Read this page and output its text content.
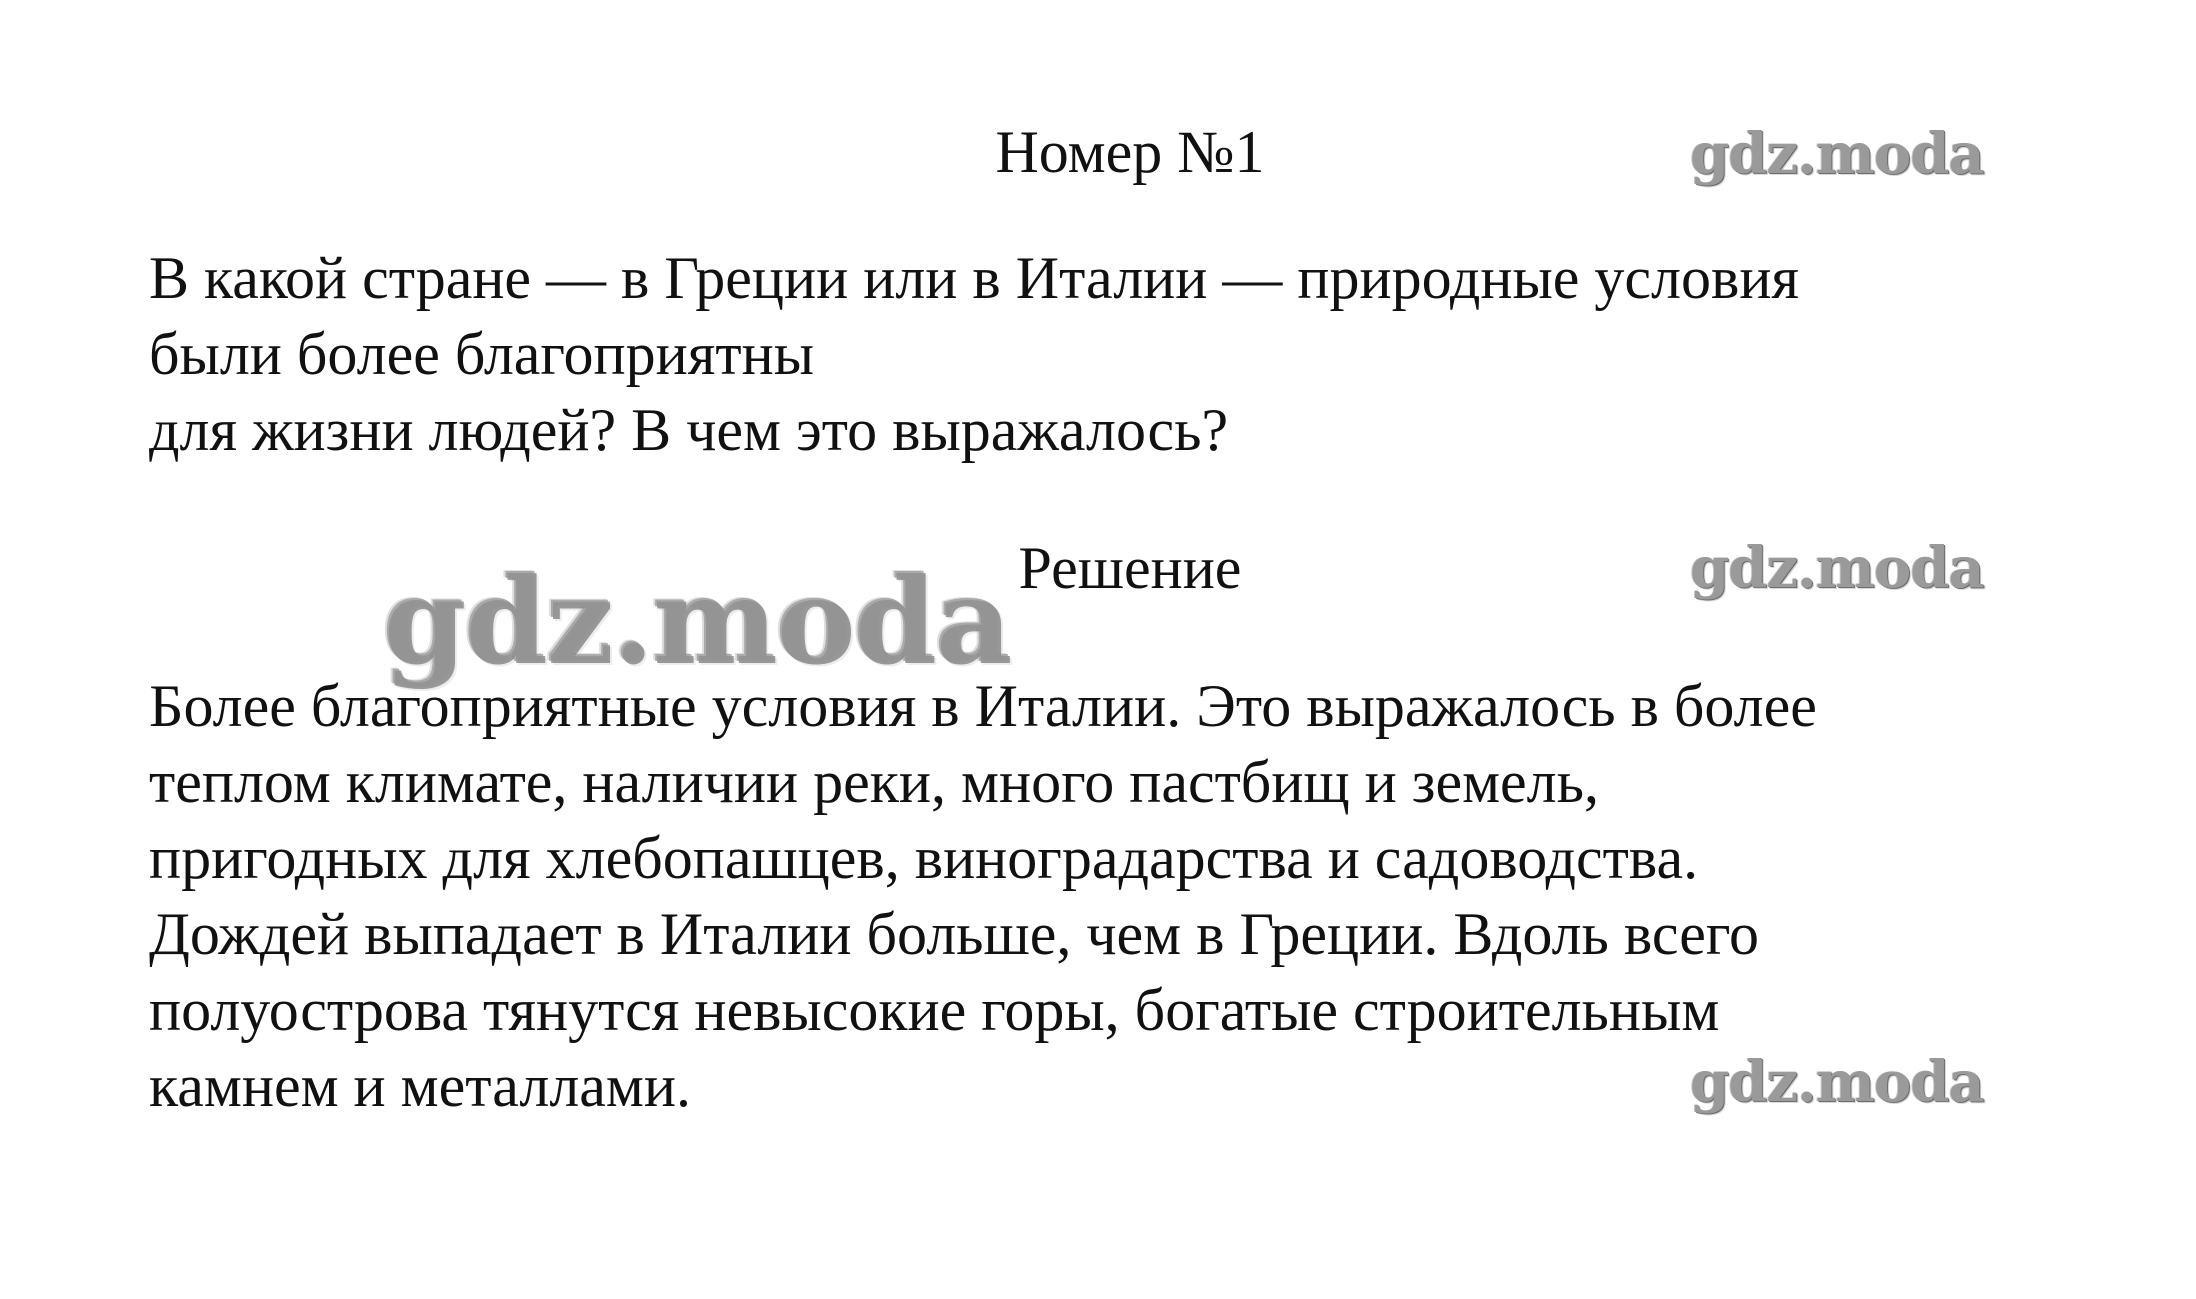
Номер №1
В какой стране — в Греции или в Италии — природные условия
были более благоприятны
для жизни людей? В чем это выражалось?
Решение
Более благоприятные условия в Италии. Это выражалось в более
теплом климате, наличии реки, много пастбищ и земель,
пригодных для хлебопашцев, виноградарства и садоводства.
Дождей выпадает в Италии больше, чем в Греции. Вдоль всего
полуострова тянутся невысокие горы, богатые строительным
камнем и металлами.
gdz.moda
gdz.moda
gdz.moda
gdz.moda
